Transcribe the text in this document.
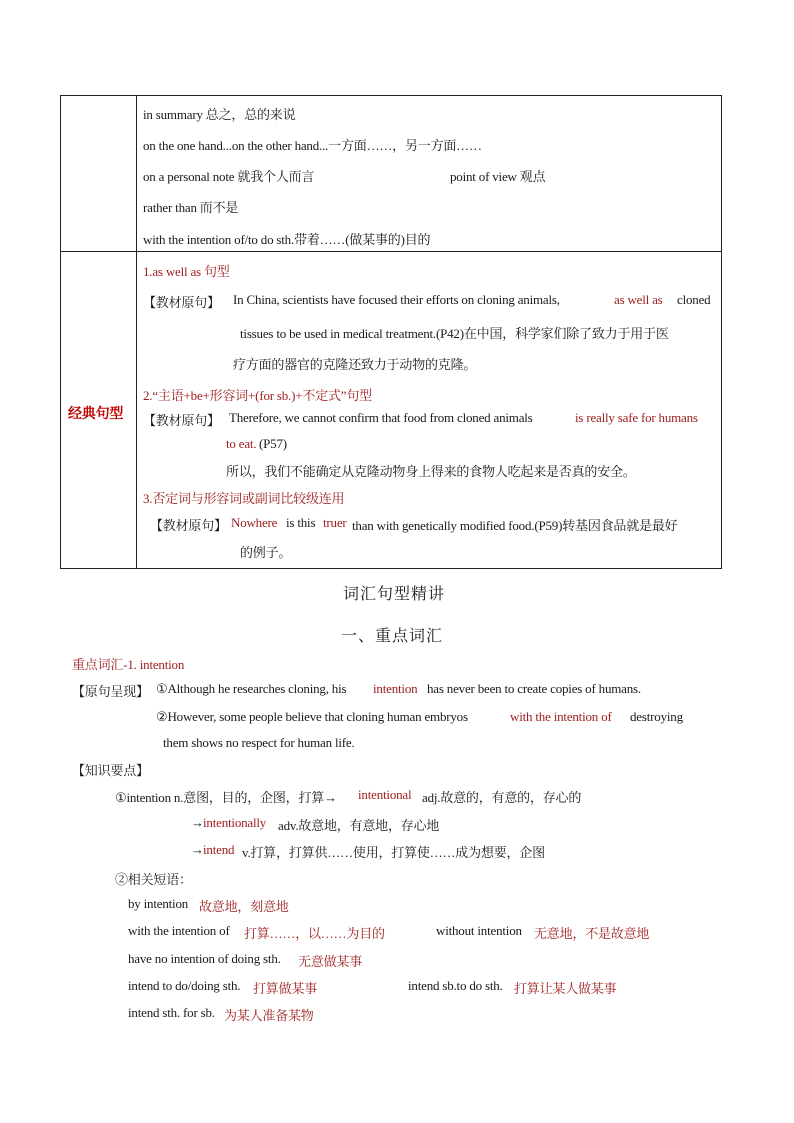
in summary 总之，总的来说
on the one hand...on the other hand...一方面……，另一方面……
on a personal note 就我个人而言	point of view 观点
rather than 而不是
with the intention of/to do sth.带着……(做某事的)目的
经典句型
1.as well as 句型
【教材原句】 In China, scientists have focused their efforts on cloning animals,	as well as cloned
tissues to be used in medical treatment.(P42)在中国，科学家们除了致力于用于医
疗方面的器官的克隆还致力于动物的克隆。
2.“主语+be+形容词+(for sb.)+不定式”句型
【教材原句】 Therefore, we cannot confirm that food from cloned animals	is really safe for humans
to eat. (P57)
所以，我们不能确定从克隆动物身上得来的食物人吃起来是否真的安全。
3.否定词与形容词或副词比较级连用
【教材原句】 Nowhere is this truer than with genetically modified food.(P59)转基因食品就是最好
的例子。
词汇句型精讲
一、重点词汇
重点词汇-1. intention
【原句呈现】 ①Although he researches cloning, his intention has never been to create copies of humans.
②However, some people believe that cloning human embryos	with the intention of destroying
them shows no respect for human life.
【知识要点】
①intention n.意图，目的，企图，打算→ intentional adj.故意的，有意的，存心的
→ intentionally adv.故意地，有意地，存心地
→ intend v.打算，打算供……使用，打算使……成为想要，企图
②相关短语：
by intention 故意地，刻意地
with the intention of 打算……，以……为目的	without intention 无意地，不是故意地
have no intention of doing sth. 无意做某事
intend to do/doing sth. 打算做某事	intend sb.to do sth. 打算让某人做某事
intend sth. for sb. 为某人准备某物
